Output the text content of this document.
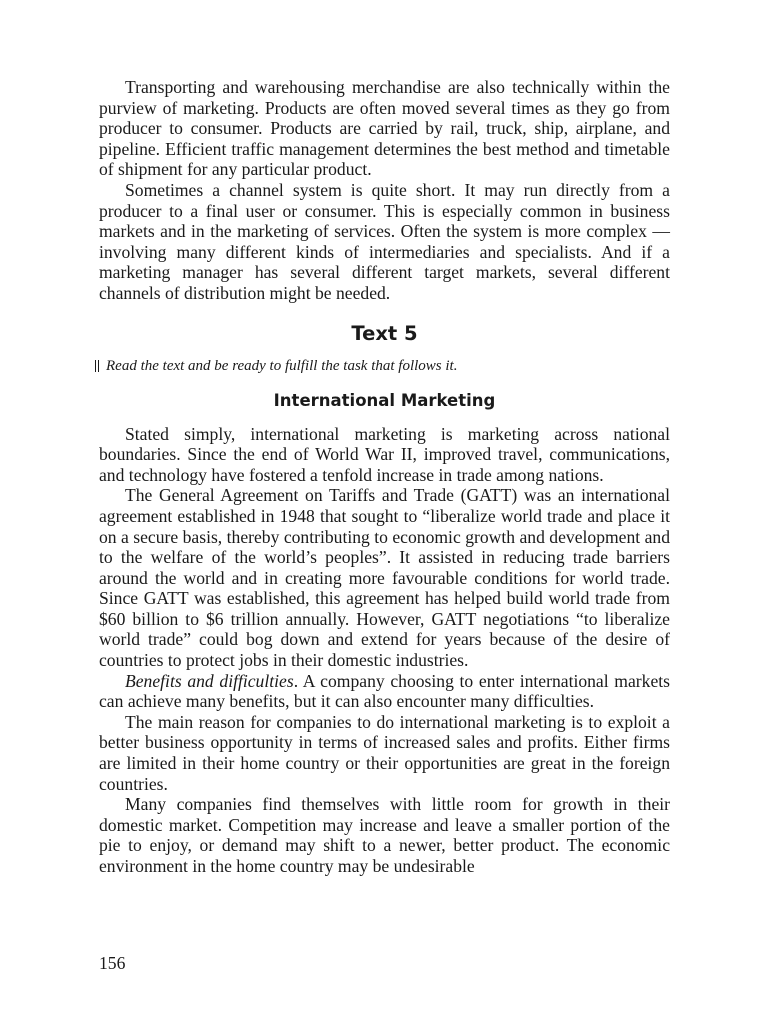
Transporting and warehousing merchandise are also technically within the purview of marketing. Products are often moved several times as they go from producer to consumer. Products are carried by rail, truck, ship, airplane, and pipeline. Efficient traffic management determines the best method and timetable of shipment for any particular product.

Sometimes a channel system is quite short. It may run directly from a producer to a final user or consumer. This is especially common in business markets and in the marketing of services. Often the system is more complex — involving many different kinds of intermediaries and specialists. And if a marketing manager has several different target markets, several different channels of distribution might be needed.

Text 5
Read the text and be ready to fulfill the task that follows it.
International Marketing

Stated simply, international marketing is marketing across national boundaries. Since the end of World War II, improved travel, communications, and technology have fostered a tenfold increase in trade among nations.

The General Agreement on Tariffs and Trade (GATT) was an international agreement established in 1948 that sought to “liberalize world trade and place it on a secure basis, thereby contributing to economic growth and development and to the welfare of the world’s peoples”. It assisted in reducing trade barriers around the world and in creating more favourable conditions for world trade. Since GATT was established, this agreement has helped build world trade from $60 billion to $6 trillion annually. However, GATT negotiations “to liberalize world trade” could bog down and extend for years because of the desire of countries to protect jobs in their domestic industries.

Benefits and difficulties. A company choosing to enter international markets can achieve many benefits, but it can also encounter many difficulties.

The main reason for companies to do international marketing is to exploit a better business opportunity in terms of increased sales and profits. Either firms are limited in their home country or their opportunities are great in the foreign countries.

Many companies find themselves with little room for growth in their domestic market. Competition may increase and leave a smaller portion of the pie to enjoy, or demand may shift to a newer, better product. The economic environment in the home country may be undesirable

156
